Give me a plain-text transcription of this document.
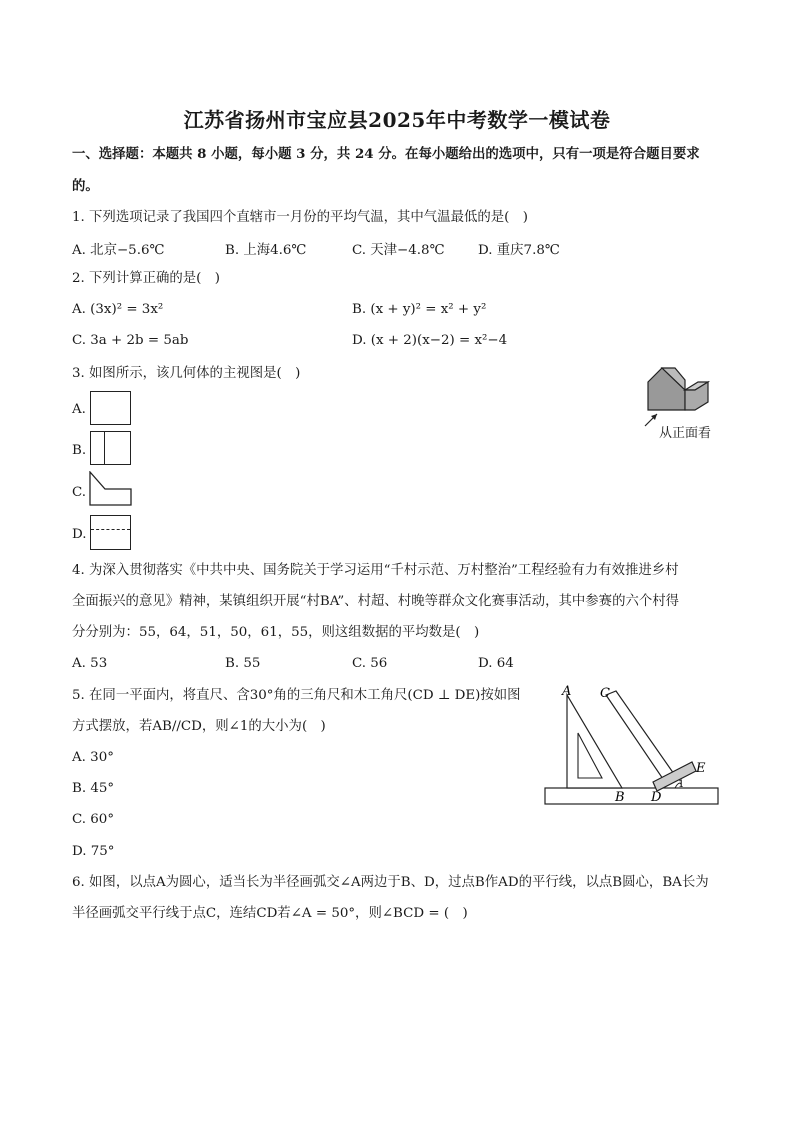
江苏省扬州市宝应县2025年中考数学一模试卷
一、选择题：本题共 8 小题，每小题 3 分，共 24 分。在每小题给出的选项中，只有一项是符合题目要求
的。
1. 下列选项记录了我国四个直辖市一月份的平均气温，其中气温最低的是(　)
A. 北京−5.6℃	B. 上海4.6℃	C. 天津−4.8℃ D. 重庆7.8℃
2. 下列计算正确的是(　)
A. (3x)² = 3x²	B. (x + y)² = x² + y²
C. 3a + 2b = 5ab	D. (x + 2)(x−2) = x²−4
3. 如图所示，该几何体的主视图是(　)
从正面看
A.
B.
C.
D.
4. 为深入贯彻落实《中共中央、国务院关于学习运用“千村示范、万村整治”工程经验有力有效推进乡村
全面振兴的意见》精神，某镇组织开展“村BA”、村超、村晚等群众文化赛事活动，其中参赛的六个村得
分分别为：55，64，51，50，61，55，则这组数据的平均数是(　)
A. 53	B. 55	C. 56	D. 64
5. 在同一平面内，将直尺、含30°角的三角尺和木工角尺(CD ⊥ DE)按如图
方式摆放，若AB//CD，则∠1的大小为(　)
A. 30°
B. 45°
C. 60°
D. 75°
A C
E
B D
1
6. 如图，以点A为圆心，适当长为半径画弧交∠A两边于B、D，过点B作AD的平行线，以点B圆心，BA长为
半径画弧交平行线于点C，连结CD若∠A = 50°，则∠BCD = (　)
